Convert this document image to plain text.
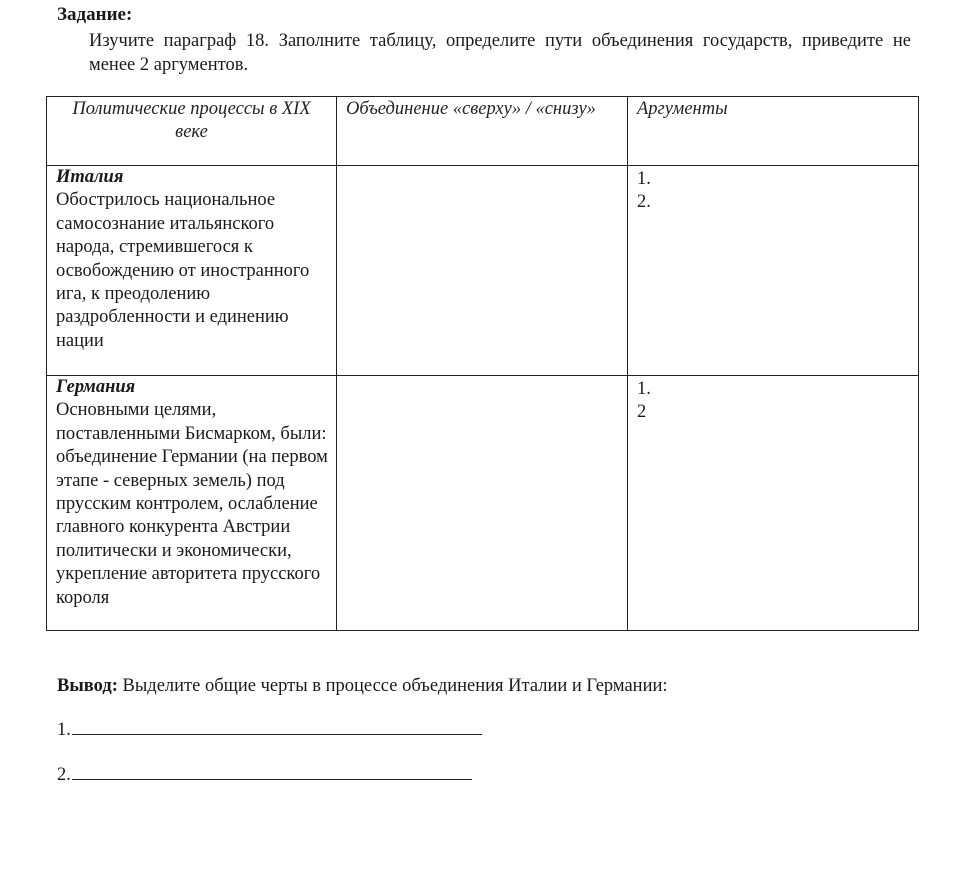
Задание:

Изучите параграф 18. Заполните таблицу, определите пути объединения государств, приведите не менее 2 аргументов.

Политические процессы в XIX веке	Объединение «сверху» / «снизу»	Аргументы

Италия
Обострилось национальное самосознание итальянского народа, стремившегося к освобождению от иностранного ига, к преодолению раздробленности и единению нации		1.
2.

Германия
Основными целями, поставленными Бисмарком, были: объединение Германии (на первом этапе - северных земель) под прусским контролем, ослабление главного конкурента Австрии политически и экономически, укрепление авторитета прусского короля		1.
2

Вывод: Выделите общие черты в процессе объединения Италии и Германии:

1.
2.
